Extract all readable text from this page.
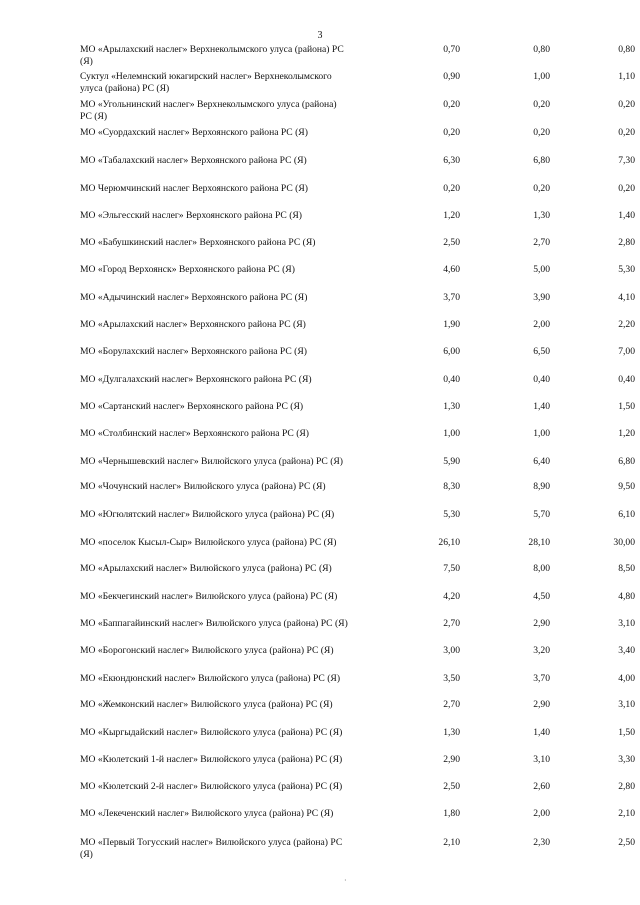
3
МО «Арылахский наслег» Верхнеколымского улуса (района) РС (Я)
0,70	0,80	0,80
Суктул «Нелемнский юкагирский наслег» Верхнеколымского улуса (района) РС (Я)
0,90	1,00	1,10
МО «Угольнинский наслег» Верхнеколымского улуса (района) РС (Я)
0,20	0,20	0,20
МО «Суордахский наслег» Верхоянского района РС (Я)	0,20	0,20	0,20
МО «Табалахский наслег» Верхоянского района РС (Я)	6,30	6,80	7,30
МО Черюмчинский наслег Верхоянского района РС (Я)	0,20	0,20	0,20
МО «Эльгесский наслег» Верхоянского района РС (Я)	1,20	1,30	1,40
МО «Бабушкинский наслег» Верхоянского района РС (Я)	2,50	2,70	2,80
МО «Город Верхоянск» Верхоянского района РС (Я)	4,60	5,00	5,30
МО «Адычинский наслег» Верхоянского района РС (Я)	3,70	3,90	4,10
МО «Арылахский наслег» Верхоянского района РС (Я)	1,90	2,00	2,20
МО «Борулахский наслег» Верхоянского района РС (Я)	6,00	6,50	7,00
МО «Дулгалахский наслег» Верхоянского района РС (Я)	0,40	0,40	0,40
МО «Сартанский наслег» Верхоянского района РС (Я)	1,30	1,40	1,50
МО «Столбинский наслег» Верхоянского района РС (Я)	1,00	1,00	1,20
МО «Чернышевский наслег» Вилюйского улуса (района) РС (Я)	5,90	6,40	6,80
МО «Чочунский наслег» Вилюйского улуса (района) РС (Я)	8,30	8,90	9,50
МО «Югюлятский наслег» Вилюйского улуса (района) РС (Я)	5,30	5,70	6,10
МО «поселок Кысыл-Сыр» Вилюйского улуса (района) РС (Я)	26,10	28,10	30,00
МО «Арылахский наслег» Вилюйского улуса (района) РС (Я)	7,50	8,00	8,50
МО «Бекчегинский наслег» Вилюйского улуса (района) РС (Я)	4,20	4,50	4,80
МО «Баппагайинский наслег» Вилюйского улуса (района) РС (Я)	2,70	2,90	3,10
МО «Борогонский наслег» Вилюйского улуса (района) РС (Я)	3,00	3,20	3,40
МО «Екюндюнский наслег» Вилюйского улуса (района) РС (Я)	3,50	3,70	4,00
МО «Жемконский наслег» Вилюйского улуса (района) РС (Я)	2,70	2,90	3,10
МО «Кыргыдайский наслег» Вилюйского улуса (района) РС (Я)	1,30	1,40	1,50
МО «Кюлетский 1-й наслег» Вилюйского улуса (района) РС (Я)	2,90	3,10	3,30
МО «Кюлетский 2-й наслег» Вилюйского улуса (района) РС (Я)	2,50	2,60	2,80
МО «Лекеченский наслег» Вилюйского улуса (района) РС (Я)	1,80	2,00	2,10
МО «Первый Тогусский наслег» Вилюйского улуса (района) РС (Я)
2,10	2,30	2,50
·
